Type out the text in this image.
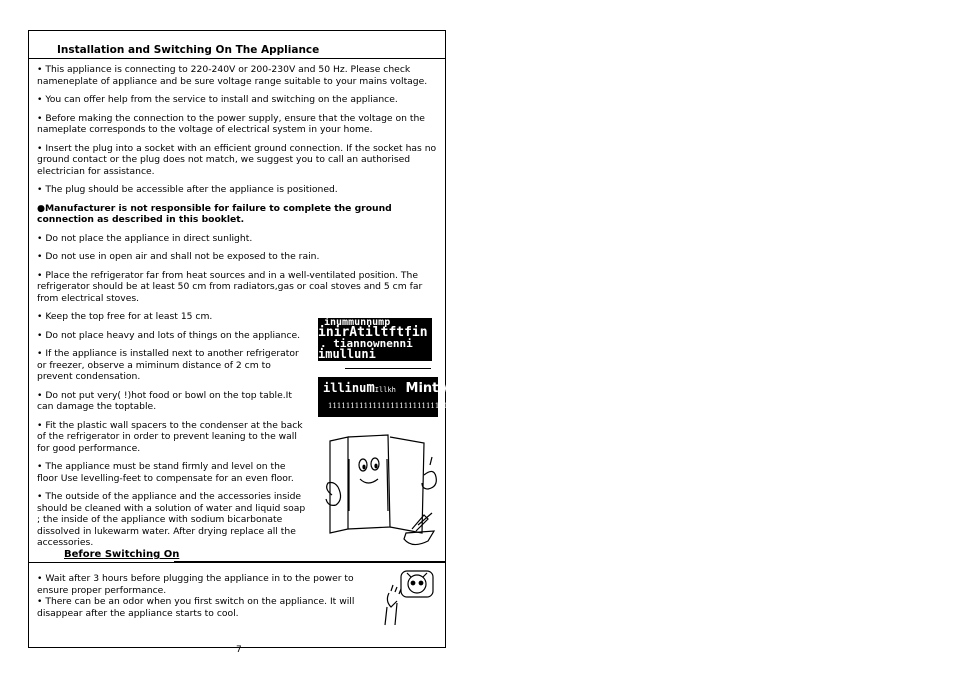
Installation and Switching On The Appliance

• This appliance is connecting to 220-240V or 200-230V and 50 Hz. Please check nameneplate of appliance and be sure voltage range suitable to your mains voltage.

• You can offer help from the service to install and switching on the appliance.

• Before making the connection to the power supply, ensure that the voltage on the nameplate corresponds to the voltage of electrical system in your home.

• Insert the plug into a socket with an efficient ground connection. If the socket has no ground contact or the plug does not match, we suggest you to call an authorised electrician for assistance.

• The plug should be accessible after the appliance is positioned.

●Manufacturer is not responsible for failure to complete the ground connection as described in this booklet.

• Do not place the appliance in direct sunlight.

• Do not use in open air and shall not be exposed to the rain.

• Place the refrigerator far from heat sources and in a well-ventilated position. The refrigerator should be at least 50 cm from radiators,gas or coal stoves and 5 cm far from electrical stoves.

• Keep the top free for at least 15 cm.

• Do not place heavy and lots of things on the appliance.

• If the appliance is installed next to another refrigerator or freezer, observe a miminum distance of 2 cm to prevent condensation.

• Do not put very( !)hot food or bowl on the top table.It can damage the toptable.

• Fit the plastic wall spacers to the condenser at the back of the refrigerator in order to prevent leaning to the wall for good performance.

• The appliance must be stand firmly and level on the floor Use levelling-feet to compensate for an even floor.

• The outside of the appliance and the accessories inside should be cleaned with a solution of water and liquid soap ; the inside of the appliance with sodium bicarbonate dissolved in lukewarm water. After drying replace all the accessories.

inummunnump
inirAtiltftfin
. tiannownenni
imulluni
illinumIllkh Mint \
1111111111111111111111111111111)
Before Switching On

• Wait after 3 hours before plugging the appliance in to the power to ensure proper performance.

• There can be an odor when you first switch on the appliance. It will disappear after the appliance starts to cool.

7
